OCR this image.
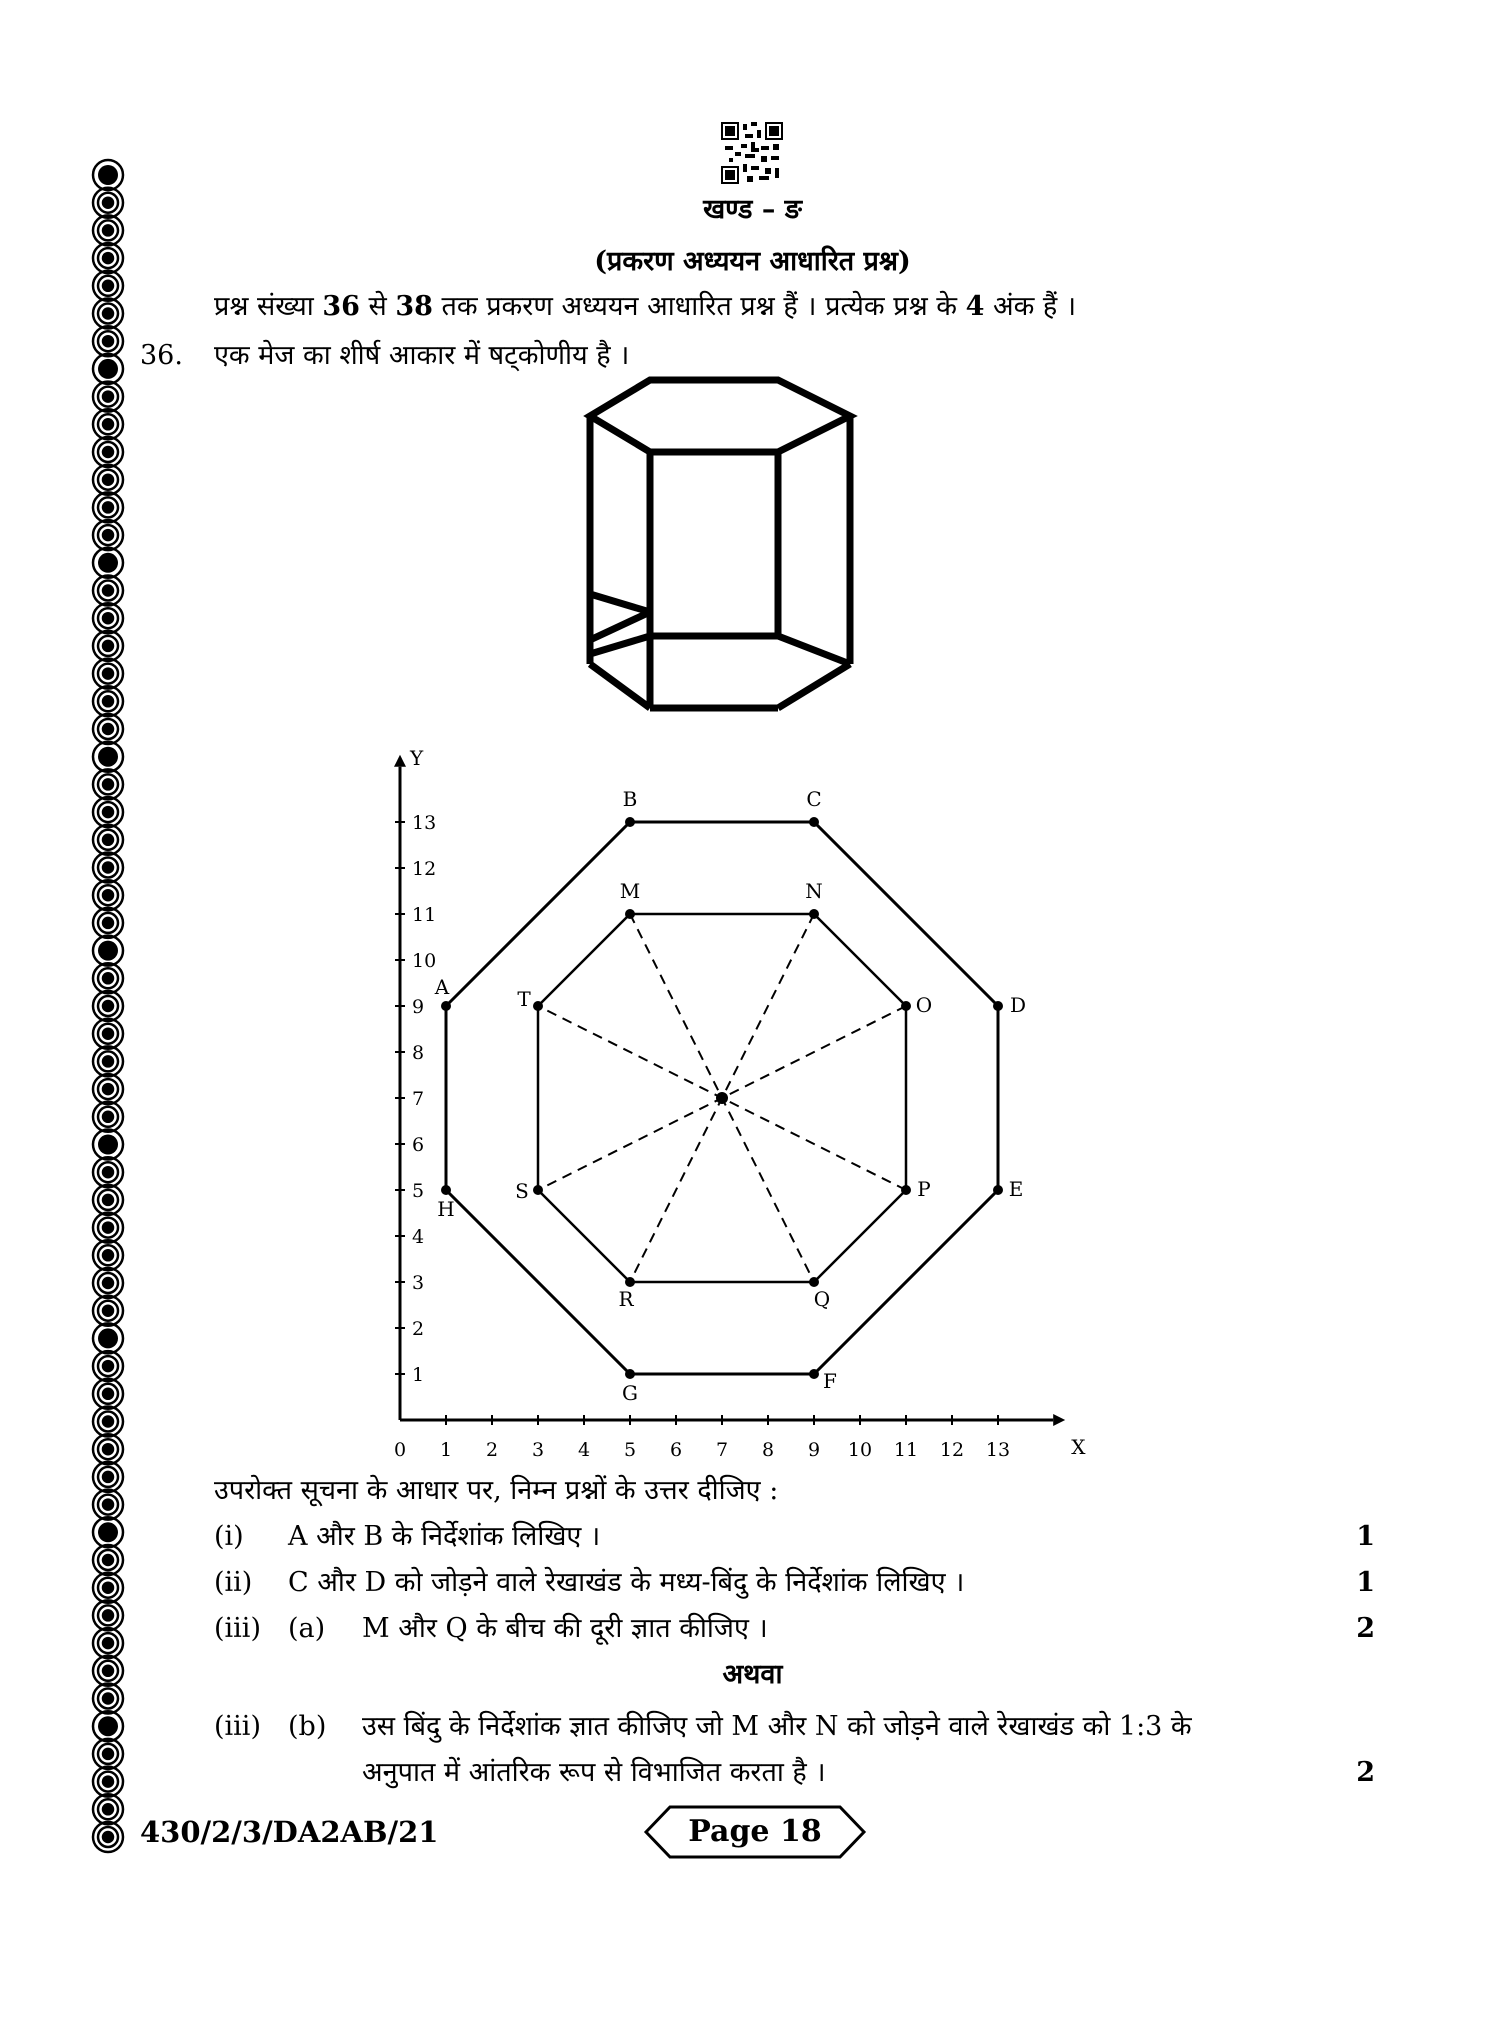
खण्ड – ङ
(प्रकरण अध्ययन आधारित प्रश्न)
प्रश्न संख्या 36 से 38 तक प्रकरण अध्ययन आधारित प्रश्न हैं । प्रत्येक प्रश्न के 4 अंक हैं ।
36. एक मेज का शीर्ष आकार में षट्कोणीय है ।
X
Y
0 1 2 3 4 5 6 7 8 9 10 11 12 13
1
2
3
4
5
6
7
8
9
10
11
12
13
A
B	C
D
E
F
G
H
M	N
O
P
Q
R
S
T
उपरोक्त सूचना के आधार पर, निम्न प्रश्नों के उत्तर दीजिए :
(i) A और B के निर्देशांक लिखिए ।	1
(ii) C और D को जोड़ने वाले रेखाखंड के मध्य-बिंदु के निर्देशांक लिखिए ।	1
(iii) (a) M और Q के बीच की दूरी ज्ञात कीजिए ।	2
अथवा
(iii) (b) उस बिंदु के निर्देशांक ज्ञात कीजिए जो M और N को जोड़ने वाले रेखाखंड को 1:3 के
अनुपात में आंतरिक रूप से विभाजित करता है ।	2
430/2/3/DA2AB/21	Page 18
